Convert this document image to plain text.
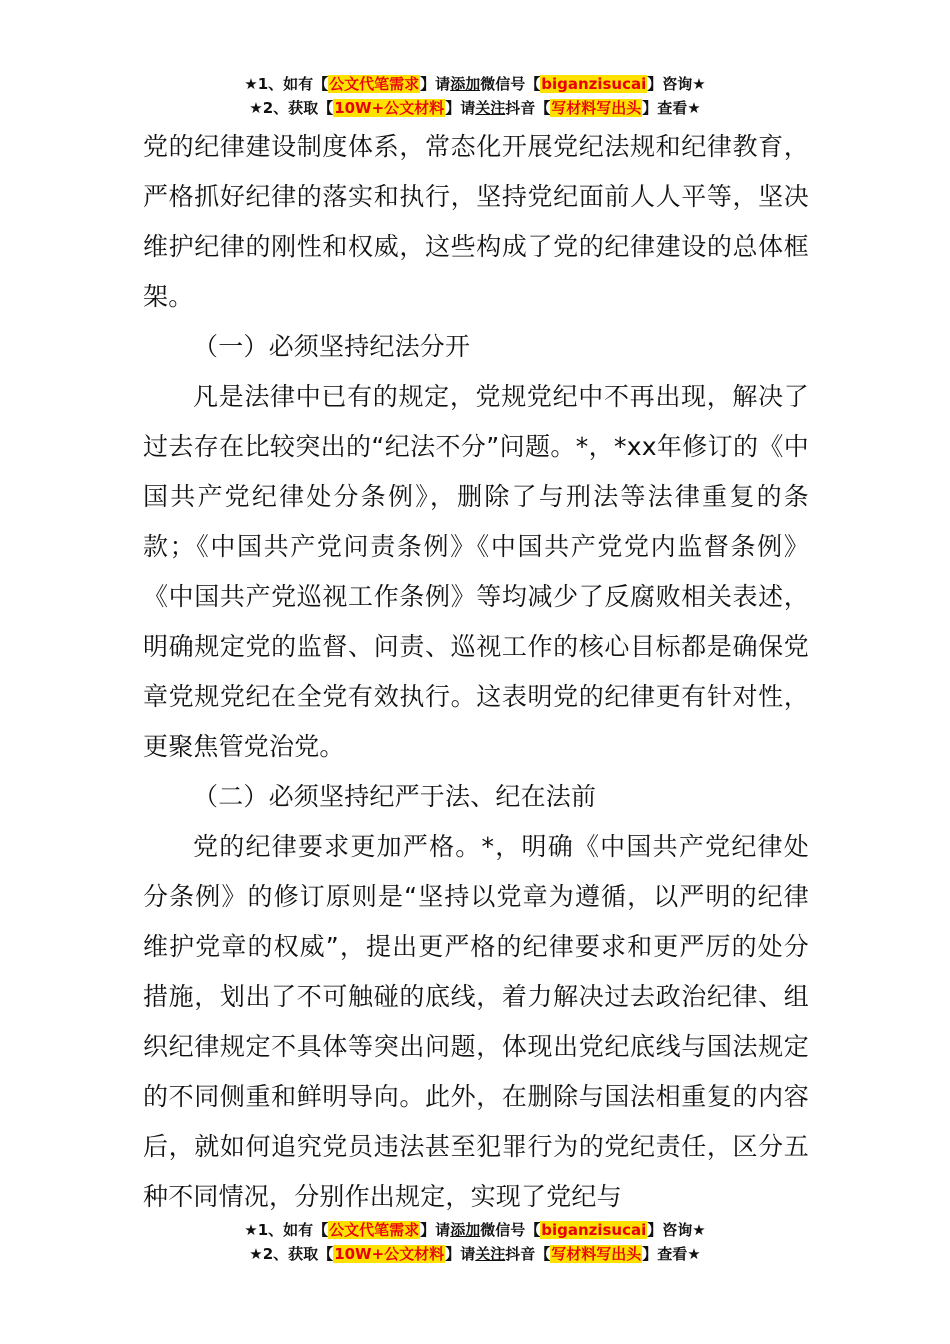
★1、如有【公文代笔需求】请添加微信号【biganzisucai】咨询★
★2、获取【10W+公文材料】请关注抖音【写材料写出头】查看★

党的纪律建设制度体系，常态化开展党纪法规和纪律教育，严格抓好纪律的落实和执行，坚持党纪面前人人平等，坚决维护纪律的刚性和权威，这些构成了党的纪律建设的总体框架。

（一）必须坚持纪法分开

凡是法律中已有的规定，党规党纪中不再出现，解决了过去存在比较突出的“纪法不分”问题。*，*xx年修订的《中国共产党纪律处分条例》，删除了与刑法等法律重复的条款；《中国共产党问责条例》《中国共产党党内监督条例》《中国共产党巡视工作条例》等均减少了反腐败相关表述，明确规定党的监督、问责、巡视工作的核心目标都是确保党章党规党纪在全党有效执行。这表明党的纪律更有针对性，更聚焦管党治党。

（二）必须坚持纪严于法、纪在法前

党的纪律要求更加严格。*，明确《中国共产党纪律处分条例》的修订原则是“坚持以党章为遵循，以严明的纪律维护党章的权威”，提出更严格的纪律要求和更严厉的处分措施，划出了不可触碰的底线，着力解决过去政治纪律、组织纪律规定不具体等突出问题，体现出党纪底线与国法规定的不同侧重和鲜明导向。此外，在删除与国法相重复的内容后，就如何追究党员违法甚至犯罪行为的党纪责任，区分五种不同情况，分别作出规定，实现了党纪与

★1、如有【公文代笔需求】请添加微信号【biganzisucai】咨询★
★2、获取【10W+公文材料】请关注抖音【写材料写出头】查看★
